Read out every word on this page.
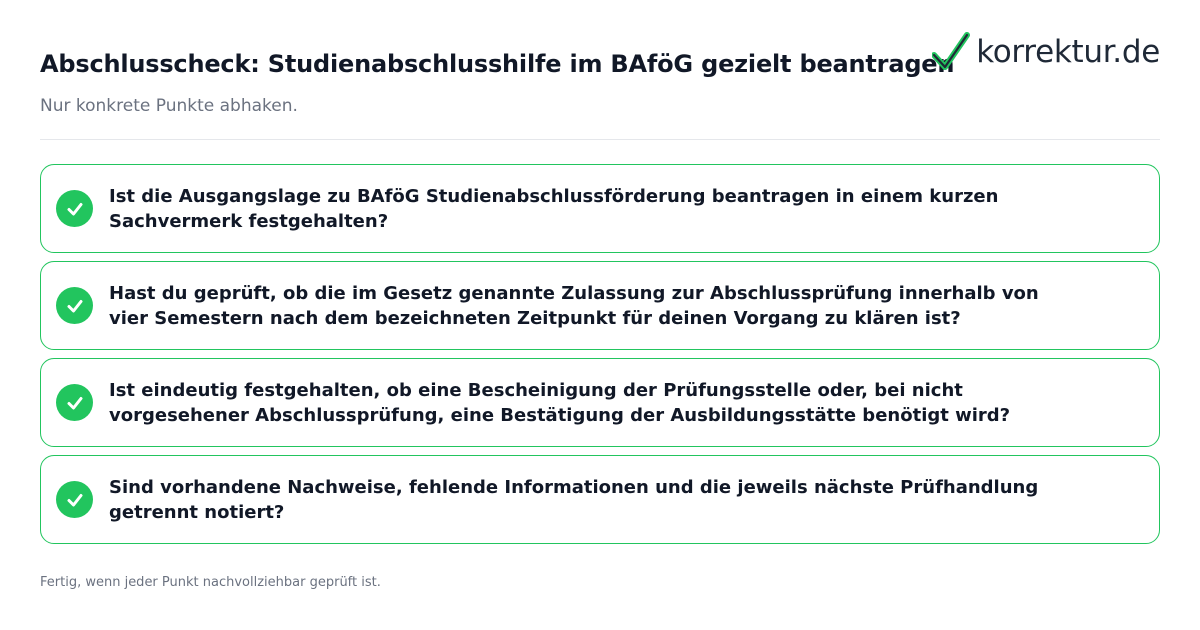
Abschlusscheck: Studienabschlusshilfe im BAföG gezielt beantragen

Nur konkrete Punkte abhaken.

korrektur.de
Ist die Ausgangslage zu BAföG Studienabschlussförderung beantragen in einem kurzen Sachvermerk festgehalten?
Hast du geprüft, ob die im Gesetz genannte Zulassung zur Abschlussprüfung innerhalb von vier Semestern nach dem bezeichneten Zeitpunkt für deinen Vorgang zu klären ist?
Ist eindeutig festgehalten, ob eine Bescheinigung der Prüfungsstelle oder, bei nicht vorgesehener Abschlussprüfung, eine Bestätigung der Ausbildungsstätte benötigt wird?
Sind vorhandene Nachweise, fehlende Informationen und die jeweils nächste Prüfhandlung getrennt notiert?

Fertig, wenn jeder Punkt nachvollziehbar geprüft ist.
